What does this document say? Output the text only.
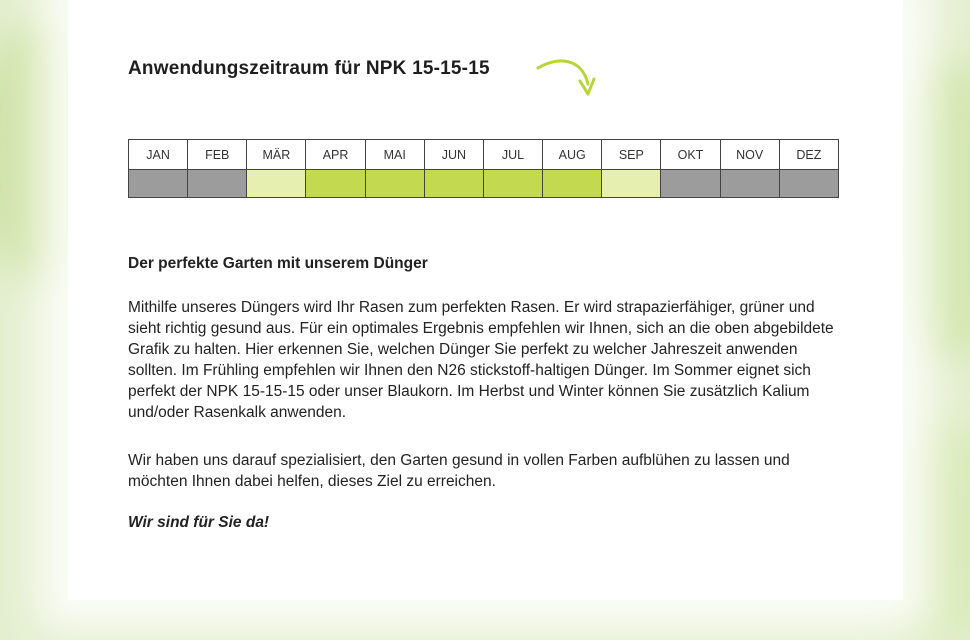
Anwendungszeitraum für NPK 15-15-15
JAN	FEB	MÄR	APR	MAI	JUN	JUL	AUG	SEP	OKT	NOV	DEZ

Der perfekte Garten mit unserem Dünger

Mithilfe unseres Düngers wird Ihr Rasen zum perfekten Rasen. Er wird strapazierfähiger, grüner und sieht richtig gesund aus. Für ein optimales Ergebnis empfehlen wir Ihnen, sich an die oben abgebildete Grafik zu halten. Hier erkennen Sie, welchen Dünger Sie perfekt zu welcher Jahreszeit anwenden sollten. Im Frühling empfehlen wir Ihnen den N26 stickstoff-haltigen Dünger. Im Sommer eignet sich perfekt der NPK 15-15-15 oder unser Blaukorn. Im Herbst und Winter können Sie zusätzlich Kalium und/oder Rasenkalk anwenden.

Wir haben uns darauf spezialisiert, den Garten gesund in vollen Farben aufblühen zu lassen und möchten Ihnen dabei helfen, dieses Ziel zu erreichen.

Wir sind für Sie da!
